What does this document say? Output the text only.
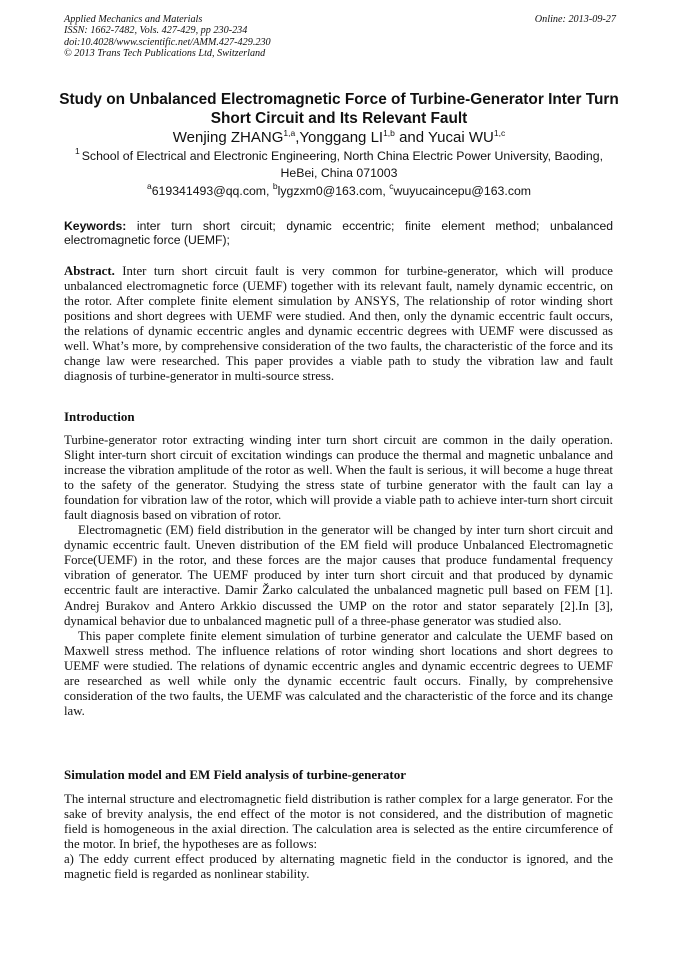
Applied Mechanics and Materials
ISSN: 1662-7482, Vols. 427-429, pp 230-234
doi:10.4028/www.scientific.net/AMM.427-429.230
© 2013 Trans Tech Publications Ltd, Switzerland
Online: 2013-09-27
Study on Unbalanced Electromagnetic Force of Turbine-Generator Inter Turn Short Circuit and Its Relevant Fault
Wenjing ZHANG$^{1,a}$,Yonggang LI$^{1,b}$ and Yucai WU$^{1,c}$
$^1$ School of Electrical and Electronic Engineering, North China Electric Power University, Baoding, HeBei, China 071003
$^a$619341493@qq.com, $^b$lygzxm0@163.com, $^c$wuyucaincepu@163.com
Keywords: inter turn short circuit; dynamic eccentric; finite element method; unbalanced electromagnetic force (UEMF);

Abstract. Inter turn short circuit fault is very common for turbine-generator, which will produce unbalanced electromagnetic force (UEMF) together with its relevant fault, namely dynamic eccentric, on the rotor. After complete finite element simulation by ANSYS, The relationship of rotor winding short positions and short degrees with UEMF were studied. And then, only the dynamic eccentric fault occurs, the relations of dynamic eccentric angles and dynamic eccentric degrees with UEMF were discussed as well. What’s more, by comprehensive consideration of the two faults, the characteristic of the force and its change law were researched. This paper provides a viable path to study the vibration law and fault diagnosis of turbine-generator in multi-source stress.

Introduction

Turbine-generator rotor extracting winding inter turn short circuit are common in the daily operation. Slight inter-turn short circuit of excitation windings can produce the thermal and magnetic unbalance and increase the vibration amplitude of the rotor as well. When the fault is serious, it will become a huge threat to the safety of the generator. Studying the stress state of turbine generator with the fault can lay a foundation for vibration law of the rotor, which will provide a viable path to achieve inter-turn short circuit fault diagnosis based on vibration of rotor.

Electromagnetic (EM) field distribution in the generator will be changed by inter turn short circuit and dynamic eccentric fault. Uneven distribution of the EM field will produce Unbalanced Electromagnetic Force(UEMF) in the rotor, and these forces are the major causes that produce fundamental frequency vibration of generator. The UEMF produced by inter turn short circuit and that produced by dynamic eccentric fault are interactive. Damir Žarko calculated the unbalanced magnetic pull based on FEM [1]. Andrej Burakov and Antero Arkkio discussed the UMP on the rotor and stator separately [2].In [3], dynamical behavior due to unbalanced magnetic pull of a three-phase generator was studied also.

This paper complete finite element simulation of turbine generator and calculate the UEMF based on Maxwell stress method. The influence relations of rotor winding short locations and short degrees to UEMF were studied. The relations of dynamic eccentric angles and dynamic eccentric degrees to UEMF are researched as well while only the dynamic eccentric fault occurs. Finally, by comprehensive consideration of the two faults, the UEMF was calculated and the characteristic of the force and its change law.

Simulation model and EM Field analysis of turbine-generator

The internal structure and electromagnetic field distribution is rather complex for a large generator. For the sake of brevity analysis, the end effect of the motor is not considered, and the distribution of magnetic field is homogeneous in the axial direction. The calculation area is selected as the entire circumference of the motor. In brief, the hypotheses are as follows:

a) The eddy current effect produced by alternating magnetic field in the conductor is ignored, and the magnetic field is regarded as nonlinear stability.
